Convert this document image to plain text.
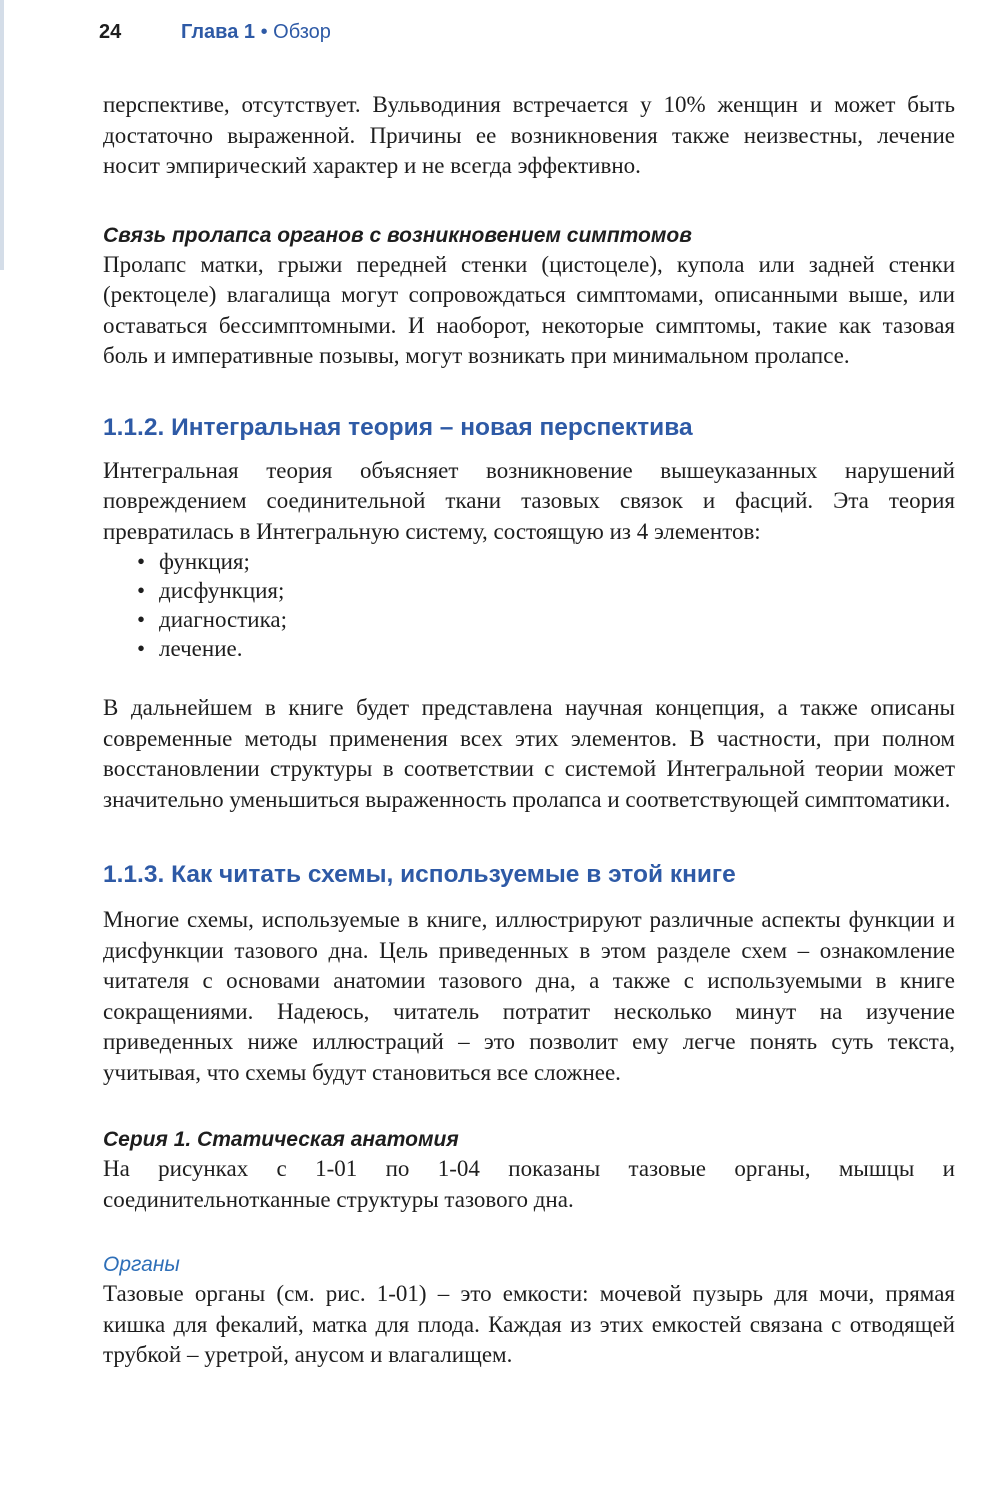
24	Глава 1 • Обзор

перспективе, отсутствует. Вульводиния встречается у 10% женщин и может быть достаточно выраженной. Причины ее возникновения также неизвестны, лечение носит эмпирический характер и не всегда эффективно.

Связь пролапса органов с возникновением симптомов

Пролапс матки, грыжи передней стенки (цистоцеле), купола или задней стенки (ректоцеле) влагалища могут сопровождаться симптомами, описанными выше, или оставаться бессимптомными. И наоборот, некоторые симптомы, такие как тазовая боль и императивные позывы, могут возникать при минимальном пролапсе.

1.1.2. Интегральная теория – новая перспектива

Интегральная теория объясняет возникновение вышеуказанных нарушений повреждением соединительной ткани тазовых связок и фасций. Эта теория превратилась в Интегральную систему, состоящую из 4 элементов:

• функция;
• дисфункция;
• диагностика;
• лечение.

В дальнейшем в книге будет представлена научная концепция, а также описаны современные методы применения всех этих элементов. В частности, при полном восстановлении структуры в соответствии с системой Интегральной теории может значительно уменьшиться выраженность пролапса и соответствующей симптоматики.

1.1.3. Как читать схемы, используемые в этой книге

Многие схемы, используемые в книге, иллюстрируют различные аспекты функции и дисфункции тазового дна. Цель приведенных в этом разделе схем – ознакомление читателя с основами анатомии тазового дна, а также с используемыми в книге сокращениями. Надеюсь, читатель потратит несколько минут на изучение приведенных ниже иллюстраций – это позволит ему легче понять суть текста, учитывая, что схемы будут становиться все сложнее.

Серия 1. Статическая анатомия

На рисунках с 1-01 по 1-04 показаны тазовые органы, мышцы и соединительнотканные структуры тазового дна.

Органы

Тазовые органы (см. рис. 1-01) – это емкости: мочевой пузырь для мочи, прямая кишка для фекалий, матка для плода. Каждая из этих емкостей связана с отводящей трубкой – уретрой, анусом и влагалищем.
